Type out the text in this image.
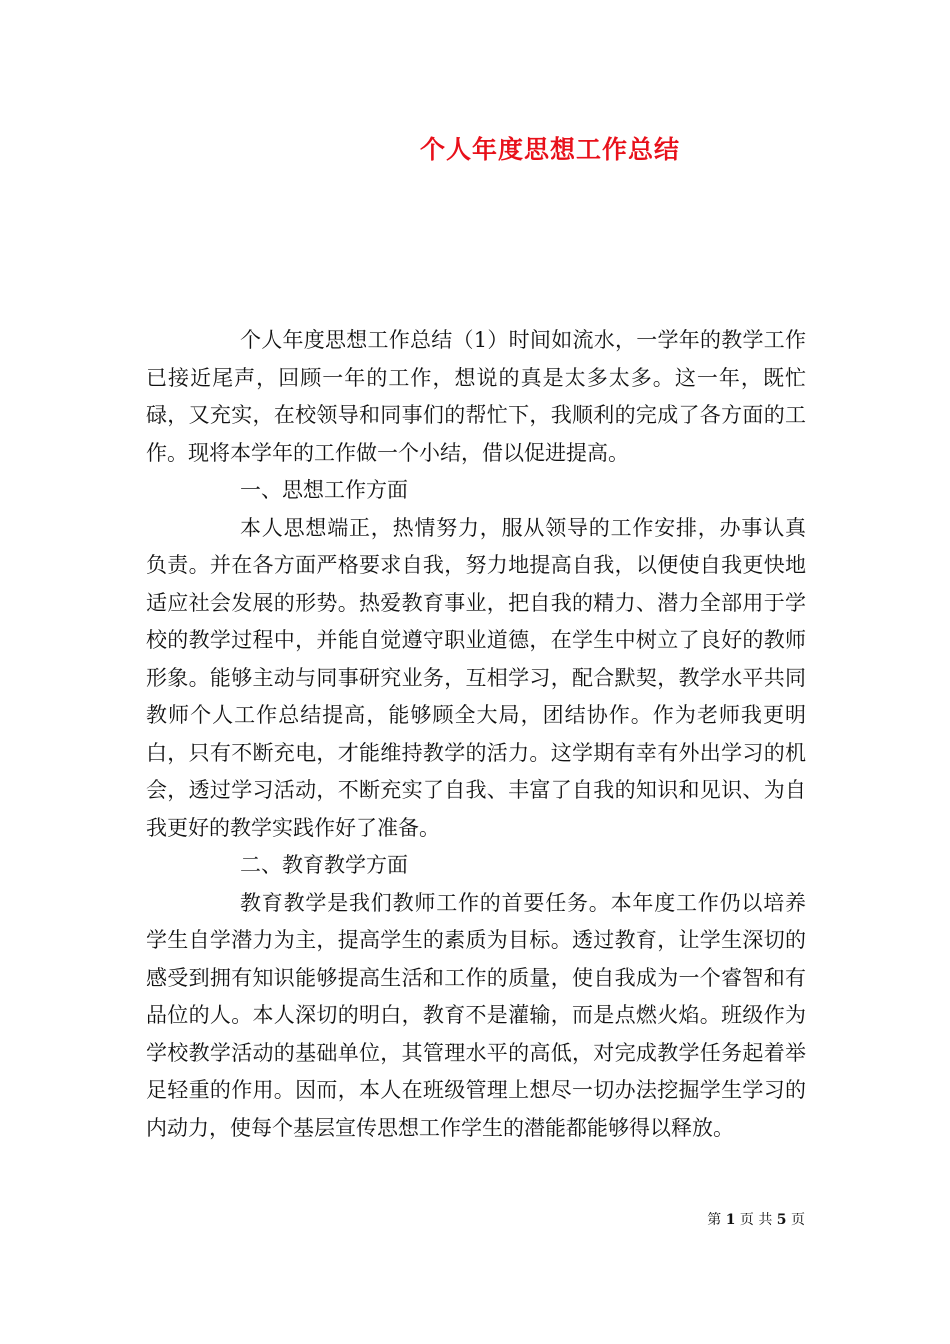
个人年度思想工作总结

个人年度思想工作总结（1）时间如流水，一学年的教学工作已接近尾声，回顾一年的工作，想说的真是太多太多。这一年，既忙碌，又充实，在校领导和同事们的帮忙下，我顺利的完成了各方面的工作。现将本学年的工作做一个小结，借以促进提高。

一、思想工作方面

本人思想端正，热情努力，服从领导的工作安排，办事认真负责。并在各方面严格要求自我，努力地提高自我，以便使自我更快地适应社会发展的形势。热爱教育事业，把自我的精力、潜力全部用于学校的教学过程中，并能自觉遵守职业道德，在学生中树立了良好的教师形象。能够主动与同事研究业务，互相学习，配合默契，教学水平共同教师个人工作总结提高，能够顾全大局，团结协作。作为老师我更明白，只有不断充电，才能维持教学的活力。这学期有幸有外出学习的机会，透过学习活动，不断充实了自我、丰富了自我的知识和见识、为自我更好的教学实践作好了准备。

二、教育教学方面

教育教学是我们教师工作的首要任务。本年度工作仍以培养学生自学潜力为主，提高学生的素质为目标。透过教育，让学生深切的感受到拥有知识能够提高生活和工作的质量，使自我成为一个睿智和有品位的人。本人深切的明白，教育不是灌输，而是点燃火焰。班级作为学校教学活动的基础单位，其管理水平的高低，对完成教学任务起着举足轻重的作用。因而，本人在班级管理上想尽一切办法挖掘学生学习的内动力，使每个基层宣传思想工作学生的潜能都能够得以释放。

第 1 页 共 5 页
